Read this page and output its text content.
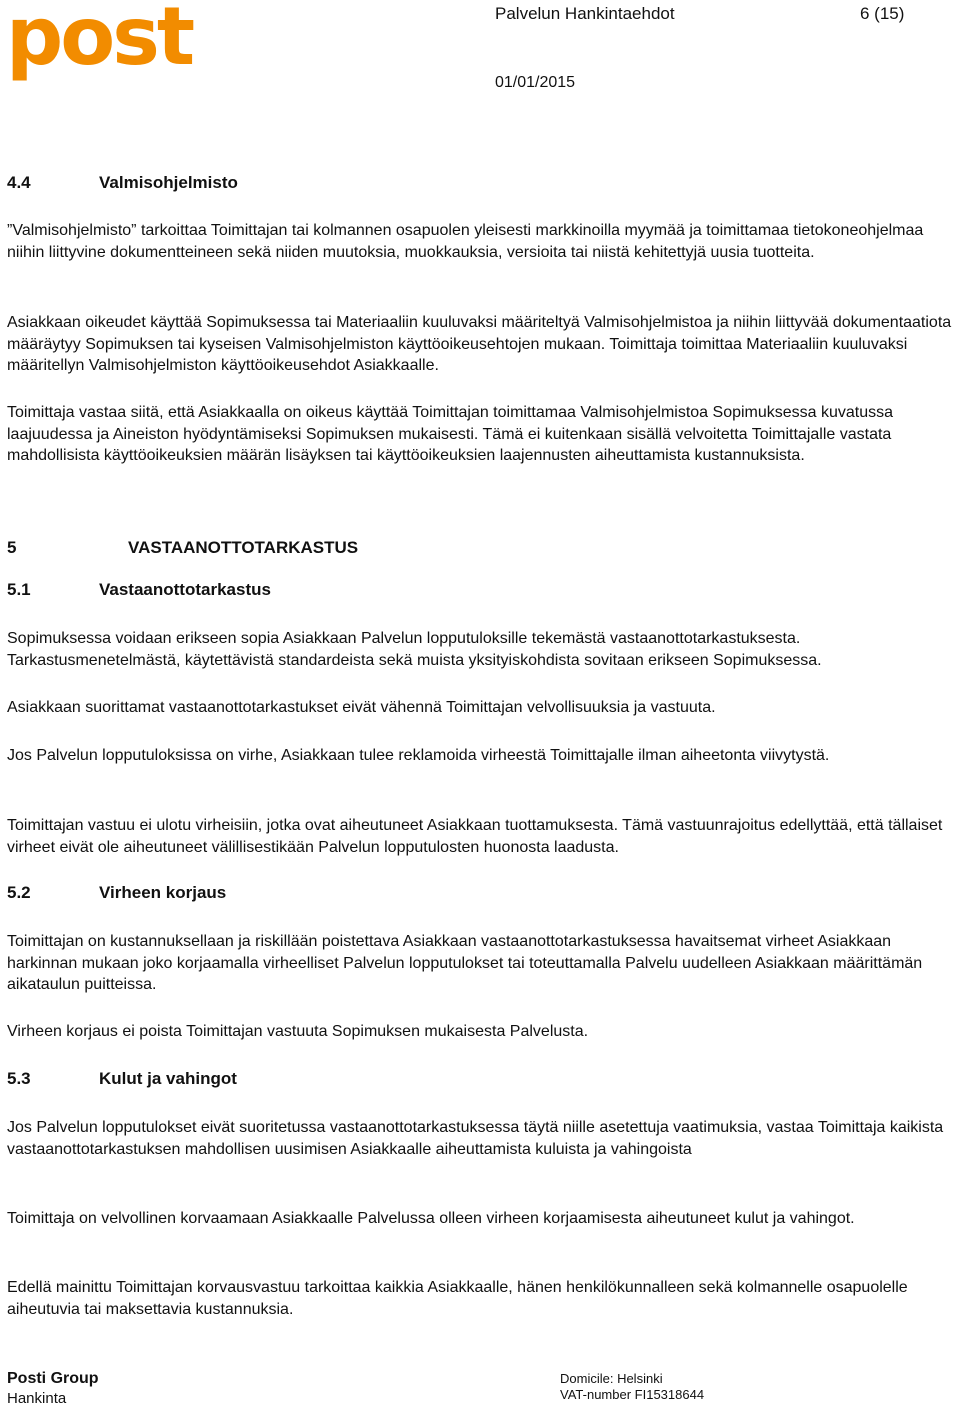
posti	Palvelun Hankintaehdot	6 (15)
01/01/2015
4.4	Valmisohjelmisto

”Valmisohjelmisto” tarkoittaa Toimittajan tai kolmannen osapuolen yleisesti markkinoilla myymää ja toimittamaa tietokoneohjelmaa niihin liittyvine dokumentteineen sekä niiden muutoksia, muokkauksia, versioita tai niistä kehitettyjä uusia tuotteita.

Asiakkaan oikeudet käyttää Sopimuksessa tai Materiaaliin kuuluvaksi määriteltyä Valmisohjelmistoa ja niihin liittyvää dokumentaatiota määräytyy Sopimuksen tai kyseisen Valmisohjelmiston käyttöoikeusehtojen mukaan. Toimittaja toimittaa Materiaaliin kuuluvaksi määritellyn Valmisohjelmiston käyttöoikeusehdot Asiakkaalle.

Toimittaja vastaa siitä, että Asiakkaalla on oikeus käyttää Toimittajan toimittamaa Valmisohjelmistoa Sopimuksessa kuvatussa laajuudessa ja Aineiston hyödyntämiseksi Sopimuksen mukaisesti. Tämä ei kuitenkaan sisällä velvoitetta Toimittajalle vastata mahdollisista käyttöoikeuksien määrän lisäyksen tai käyttöoikeuksien laajennusten aiheuttamista kustannuksista.

5	VASTAANOTTOTARKASTUS
5.1	Vastaanottotarkastus

Sopimuksessa voidaan erikseen sopia Asiakkaan Palvelun lopputuloksille tekemästä vastaanottotarkastuksesta. Tarkastusmenetelmästä, käytettävistä standardeista sekä muista yksityiskohdista sovitaan erikseen Sopimuksessa.

Asiakkaan suorittamat vastaanottotarkastukset eivät vähennä Toimittajan velvollisuuksia ja vastuuta.

Jos Palvelun lopputuloksissa on virhe, Asiakkaan tulee reklamoida virheestä Toimittajalle ilman aiheetonta viivytystä.

Toimittajan vastuu ei ulotu virheisiin, jotka ovat aiheutuneet Asiakkaan tuottamuksesta. Tämä vastuunrajoitus edellyttää, että tällaiset virheet eivät ole aiheutuneet välillisestikään Palvelun lopputulosten huonosta laadusta.

5.2	Virheen korjaus

Toimittajan on kustannuksellaan ja riskillään poistettava Asiakkaan vastaanottotarkastuksessa havaitsemat virheet Asiakkaan harkinnan mukaan joko korjaamalla virheelliset Palvelun lopputulokset tai toteuttamalla Palvelu uudelleen Asiakkaan määrittämän aikataulun puitteissa.

Virheen korjaus ei poista Toimittajan vastuuta Sopimuksen mukaisesta Palvelusta.

5.3	Kulut ja vahingot

Jos Palvelun lopputulokset eivät suoritetussa vastaanottotarkastuksessa täytä niille asetettuja vaatimuksia, vastaa Toimittaja kaikista vastaanottotarkastuksen mahdollisen uusimisen Asiakkaalle aiheuttamista kuluista ja vahingoista

Toimittaja on velvollinen korvaamaan Asiakkaalle Palvelussa olleen virheen korjaamisesta aiheutuneet kulut ja vahingot.

Edellä mainittu Toimittajan korvausvastuu tarkoittaa kaikkia Asiakkaalle, hänen henkilökunnalleen sekä kolmannelle osapuolelle aiheutuvia tai maksettavia kustannuksia.

Posti Group
Hankinta
Domicile: Helsinki
VAT-number FI15318644
